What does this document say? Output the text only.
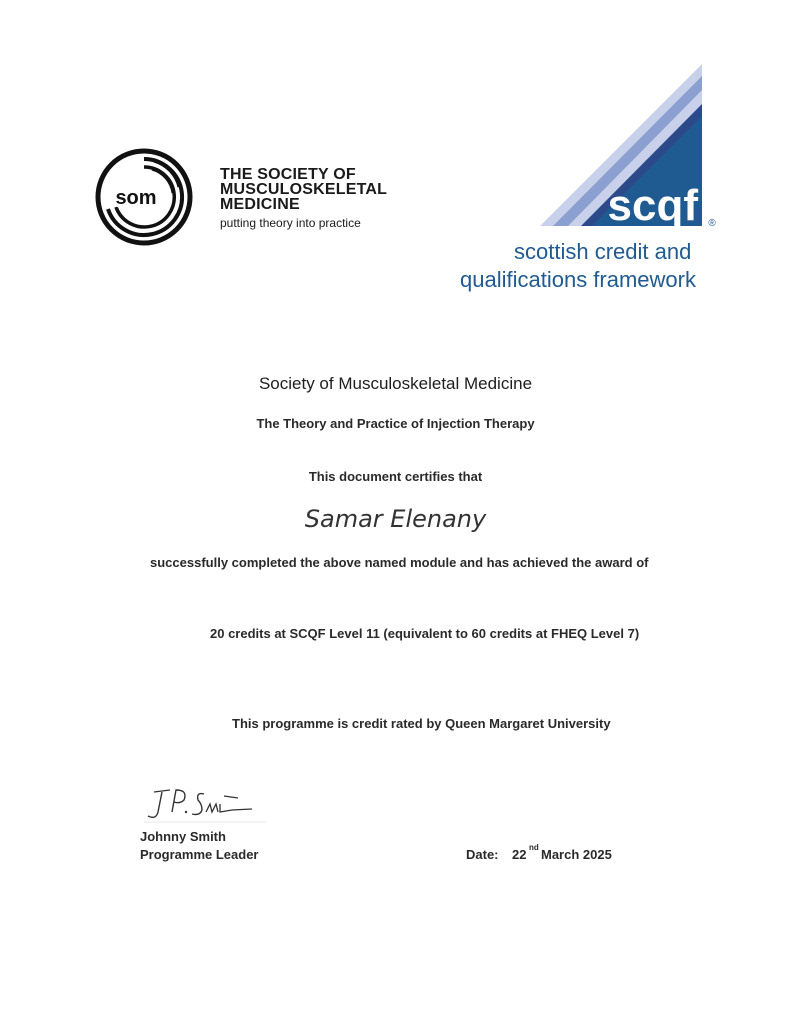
som
THE SOCIETY OF
MUSCULOSKELETAL
MEDICINE
putting theory into practice	scqf ®
scottish credit and
qualifications framework
Society of Musculoskeletal Medicine
The Theory and Practice of Injection Therapy
This document certifies that
Samar Elenany
successfully completed the above named module and has achieved the award of
20 credits at SCQF Level 11 (equivalent to 60 credits at FHEQ Level 7)
This programme is credit rated by Queen Margaret University
Johnny Smith
Programme Leader	Date: 22 nd March 2025
